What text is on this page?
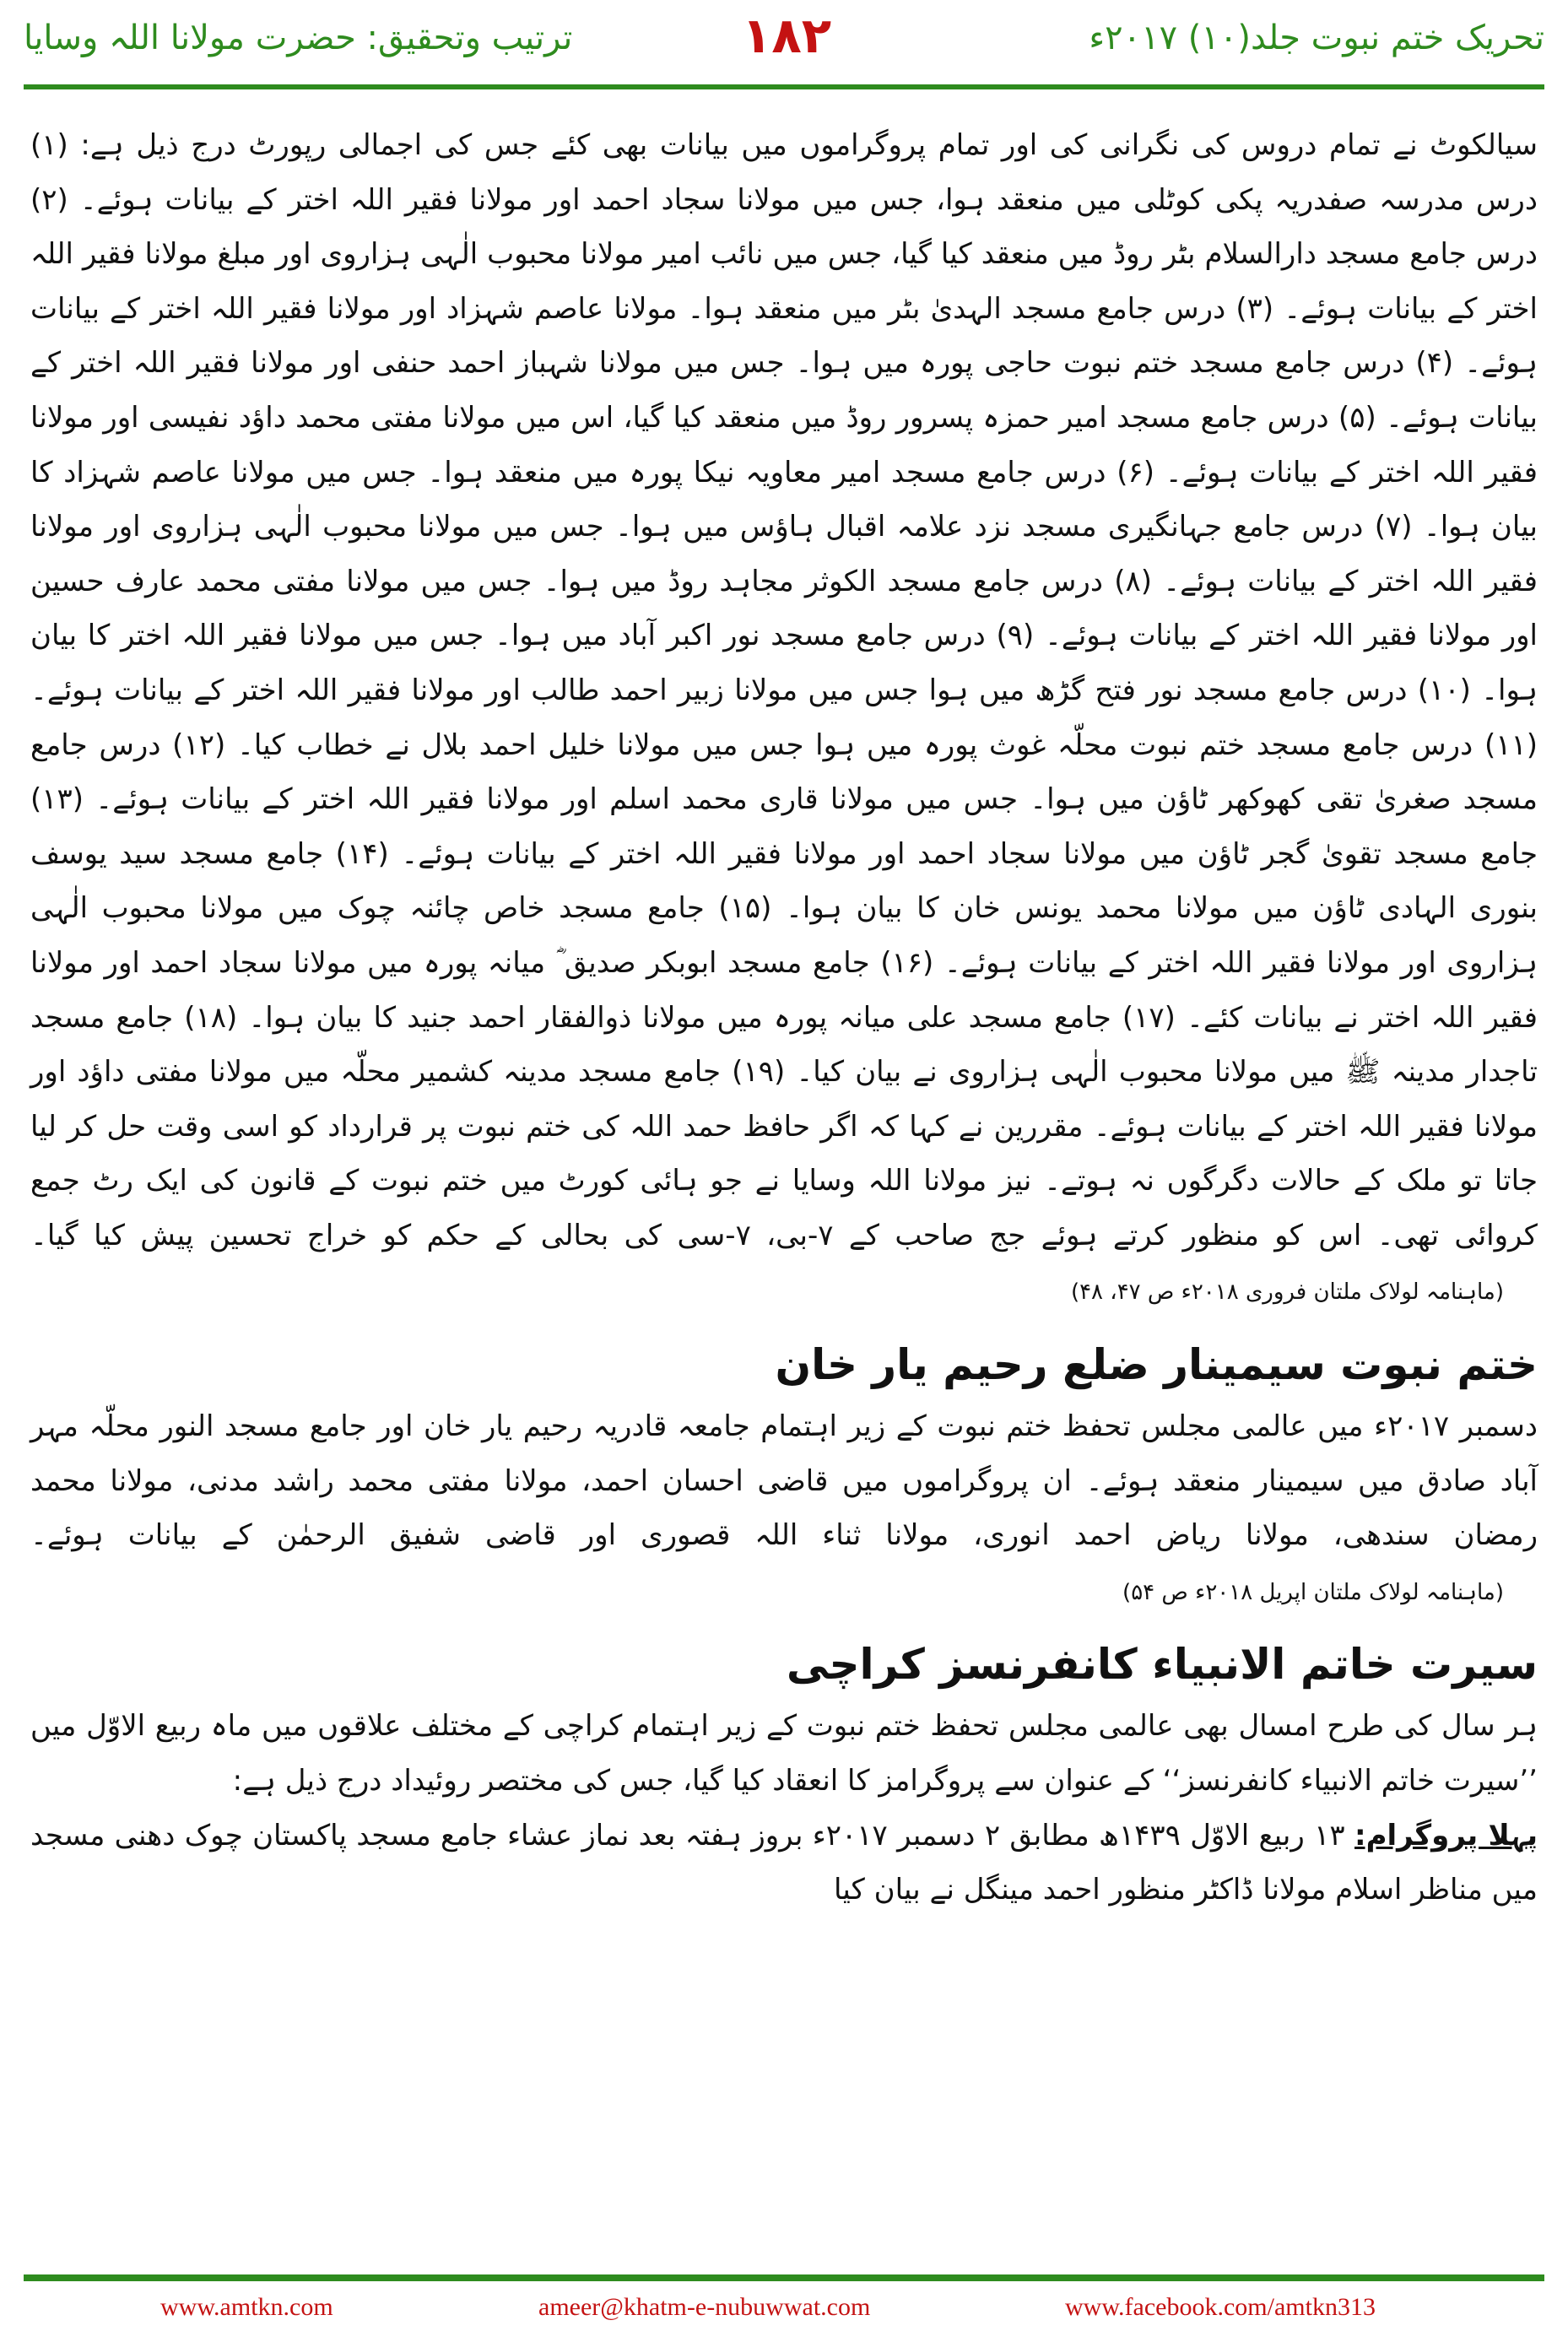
ترتیب وتحقیق: حضرت مولانا اللہ وسایا	۱۸۲	تحریک ختم نبوت جلد(۱۰) ۲۰۱۷ء

سیالکوٹ نے تمام دروس کی نگرانی کی اور تمام پروگراموں میں بیانات بھی کئے جس کی اجمالی رپورٹ درج ذیل ہے: (۱) درس مدرسہ صفدریہ پکی کوٹلی میں منعقد ہوا، جس میں مولانا سجاد احمد اور مولانا فقیر اللہ اختر کے بیانات ہوئے۔ (۲) درس جامع مسجد دارالسلام بٹر روڈ میں منعقد کیا گیا، جس میں نائب امیر مولانا محبوب الٰہی ہزاروی اور مبلغ مولانا فقیر اللہ اختر کے بیانات ہوئے۔ (۳) درس جامع مسجد الہدیٰ بٹر میں منعقد ہوا۔ مولانا عاصم شہزاد اور مولانا فقیر اللہ اختر کے بیانات ہوئے۔ (۴) درس جامع مسجد ختم نبوت حاجی پورہ میں ہوا۔ جس میں مولانا شہباز احمد حنفی اور مولانا فقیر اللہ اختر کے بیانات ہوئے۔ (۵) درس جامع مسجد امیر حمزہ پسرور روڈ میں منعقد کیا گیا، اس میں مولانا مفتی محمد داؤد نفیسی اور مولانا فقیر اللہ اختر کے بیانات ہوئے۔ (۶) درس جامع مسجد امیر معاویہ نیکا پورہ میں منعقد ہوا۔ جس میں مولانا عاصم شہزاد کا بیان ہوا۔ (۷) درس جامع جہانگیری مسجد نزد علامہ اقبال ہاؤس میں ہوا۔ جس میں مولانا محبوب الٰہی ہزاروی اور مولانا فقیر اللہ اختر کے بیانات ہوئے۔ (۸) درس جامع مسجد الکوثر مجاہد روڈ میں ہوا۔ جس میں مولانا مفتی محمد عارف حسین اور مولانا فقیر اللہ اختر کے بیانات ہوئے۔ (۹) درس جامع مسجد نور اکبر آباد میں ہوا۔ جس میں مولانا فقیر اللہ اختر کا بیان ہوا۔ (۱۰) درس جامع مسجد نور فتح گڑھ میں ہوا جس میں مولانا زبیر احمد طالب اور مولانا فقیر اللہ اختر کے بیانات ہوئے۔ (۱۱) درس جامع مسجد ختم نبوت محلّہ غوث پورہ میں ہوا جس میں مولانا خلیل احمد بلال نے خطاب کیا۔ (۱۲) درس جامع مسجد صغریٰ تقی کھوکھر ٹاؤن میں ہوا۔ جس میں مولانا قاری محمد اسلم اور مولانا فقیر اللہ اختر کے بیانات ہوئے۔ (۱۳) جامع مسجد تقویٰ گجر ٹاؤن میں مولانا سجاد احمد اور مولانا فقیر اللہ اختر کے بیانات ہوئے۔ (۱۴) جامع مسجد سید یوسف بنوری الہادی ٹاؤن میں مولانا محمد یونس خان کا بیان ہوا۔ (۱۵) جامع مسجد خاص چائنہ چوک میں مولانا محبوب الٰہی ہزاروی اور مولانا فقیر اللہ اختر کے بیانات ہوئے۔ (۱۶) جامع مسجد ابوبکر صدیق ؓ میانہ پورہ میں مولانا سجاد احمد اور مولانا فقیر اللہ اختر نے بیانات کئے۔ (۱۷) جامع مسجد علی میانہ پورہ میں مولانا ذوالفقار احمد جنید کا بیان ہوا۔ (۱۸) جامع مسجد تاجدار مدینہ ﷺ میں مولانا محبوب الٰہی ہزاروی نے بیان کیا۔ (۱۹) جامع مسجد مدینہ کشمیر محلّہ میں مولانا مفتی داؤد اور مولانا فقیر اللہ اختر کے بیانات ہوئے۔ مقررین نے کہا کہ اگر حافظ حمد اللہ کی ختم نبوت پر قرارداد کو اسی وقت حل کر لیا جاتا تو ملک کے حالات دگرگوں نہ ہوتے۔ نیز مولانا اللہ وسایا نے جو ہائی کورٹ میں ختم نبوت کے قانون کی ایک رٹ جمع کروائی تھی۔ اس کو منظور کرتے ہوئے جج صاحب کے ۷-بی، ۷-سی کی بحالی کے حکم کو خراج تحسین پیش کیا گیا۔ (ماہنامہ لولاک ملتان فروری ۲۰۱۸ء ص ۴۷، ۴۸)

ختم نبوت سیمینار ضلع رحیم یار خان

دسمبر ۲۰۱۷ء میں عالمی مجلس تحفظ ختم نبوت کے زیر اہتمام جامعہ قادریہ رحیم یار خان اور جامع مسجد النور محلّہ مہر آباد صادق میں سیمینار منعقد ہوئے۔ ان پروگراموں میں قاضی احسان احمد، مولانا مفتی محمد راشد مدنی، مولانا محمد رمضان سندھی، مولانا ریاض احمد انوری، مولانا ثناء اللہ قصوری اور قاضی شفیق الرحمٰن کے بیانات ہوئے۔ (ماہنامہ لولاک ملتان اپریل ۲۰۱۸ء ص ۵۴)

سیرت خاتم الانبیاء کانفرنسز کراچی

ہر سال کی طرح امسال بھی عالمی مجلس تحفظ ختم نبوت کے زیر اہتمام کراچی کے مختلف علاقوں میں ماہ ربیع الاوّل میں ’’سیرت خاتم الانبیاء کانفرنسز‘‘ کے عنوان سے پروگرامز کا انعقاد کیا گیا، جس کی مختصر روئیداد درج ذیل ہے:

پہلا پروگرام: ۱۳ ربیع الاوّل ۱۴۳۹ھ مطابق ۲ دسمبر ۲۰۱۷ء بروز ہفتہ بعد نماز عشاء جامع مسجد پاکستان چوک دھنی مسجد میں مناظر اسلام مولانا ڈاکٹر منظور احمد مینگل نے بیان کیا

www.amtkn.com	ameer@khatm-e-nubuwwat.com	www.facebook.com/amtkn313
